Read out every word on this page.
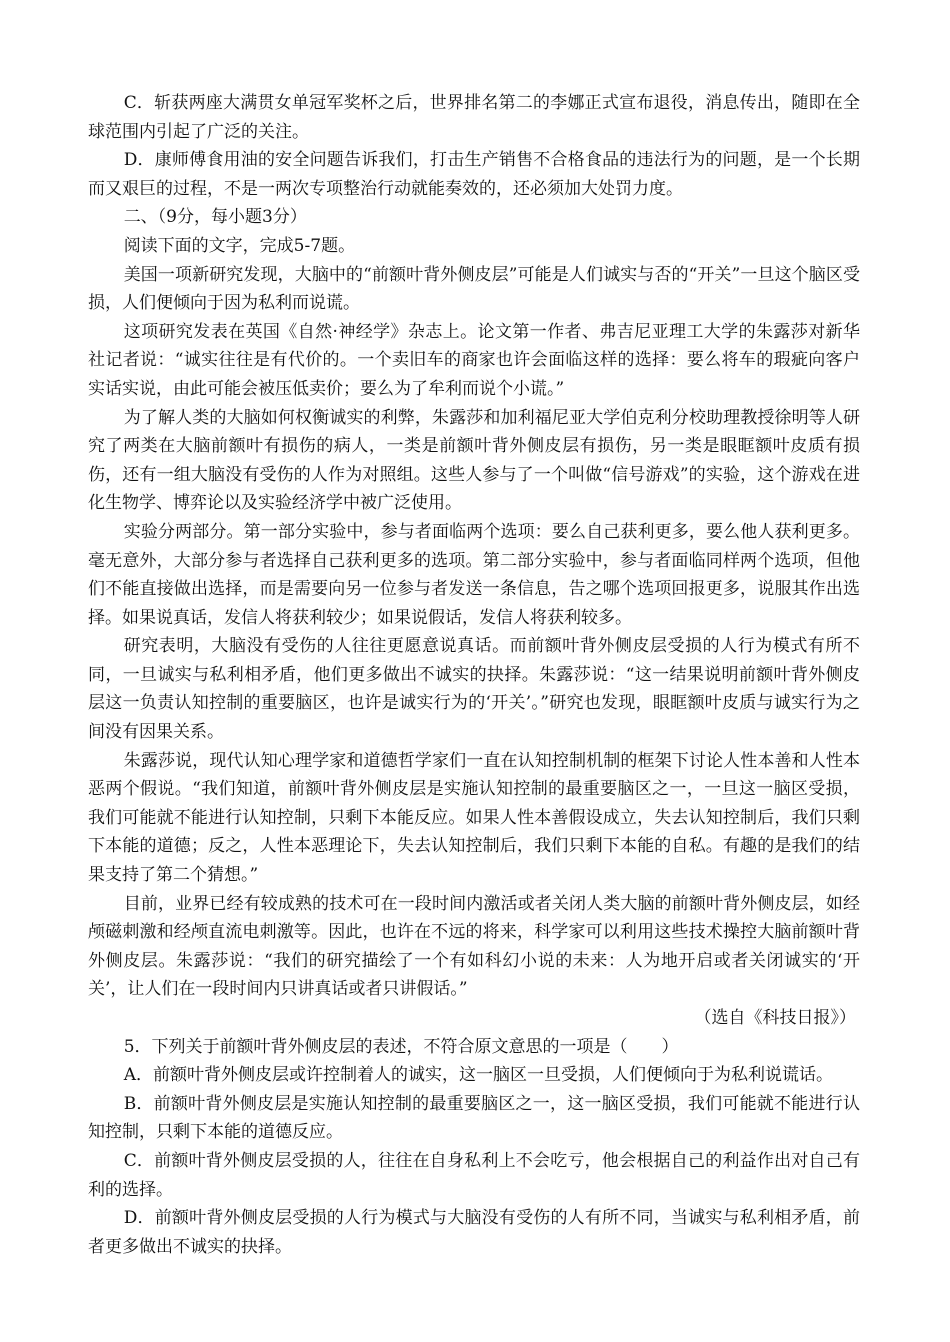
C．斩获两座大满贯女单冠军奖杯之后，世界排名第二的李娜正式宣布退役，消息传出，随即在全球范围内引起了广泛的关注。

D．康师傅食用油的安全问题告诉我们，打击生产销售不合格食品的违法行为的问题，是一个长期而又艰巨的过程，不是一两次专项整治行动就能奏效的，还必须加大处罚力度。

二、（9分，每小题3分）

阅读下面的文字，完成5-7题。

美国一项新研究发现，大脑中的“前额叶背外侧皮层”可能是人们诚实与否的“开关”一旦这个脑区受损，人们便倾向于因为私利而说谎。

这项研究发表在英国《自然·神经学》杂志上。论文第一作者、弗吉尼亚理工大学的朱露莎对新华社记者说：“诚实往往是有代价的。一个卖旧车的商家也许会面临这样的选择：要么将车的瑕疵向客户实话实说，由此可能会被压低卖价；要么为了牟利而说个小谎。”

为了解人类的大脑如何权衡诚实的利弊，朱露莎和加利福尼亚大学伯克利分校助理教授徐明等人研究了两类在大脑前额叶有损伤的病人，一类是前额叶背外侧皮层有损伤，另一类是眼眶额叶皮质有损伤，还有一组大脑没有受伤的人作为对照组。这些人参与了一个叫做“信号游戏”的实验，这个游戏在进化生物学、博弈论以及实验经济学中被广泛使用。

实验分两部分。第一部分实验中，参与者面临两个选项：要么自己获利更多，要么他人获利更多。毫无意外，大部分参与者选择自己获利更多的选项。第二部分实验中，参与者面临同样两个选项，但他们不能直接做出选择，而是需要向另一位参与者发送一条信息，告之哪个选项回报更多，说服其作出选择。如果说真话，发信人将获利较少；如果说假话，发信人将获利较多。

研究表明，大脑没有受伤的人往往更愿意说真话。而前额叶背外侧皮层受损的人行为模式有所不同，一旦诚实与私利相矛盾，他们更多做出不诚实的抉择。朱露莎说：“这一结果说明前额叶背外侧皮层这一负责认知控制的重要脑区，也许是诚实行为的‘开关’。”研究也发现，眼眶额叶皮质与诚实行为之间没有因果关系。

朱露莎说，现代认知心理学家和道德哲学家们一直在认知控制机制的框架下讨论人性本善和人性本恶两个假说。“我们知道，前额叶背外侧皮层是实施认知控制的最重要脑区之一，一旦这一脑区受损，我们可能就不能进行认知控制，只剩下本能反应。如果人性本善假设成立，失去认知控制后，我们只剩下本能的道德；反之，人性本恶理论下，失去认知控制后，我们只剩下本能的自私。有趣的是我们的结果支持了第二个猜想。”

目前，业界已经有较成熟的技术可在一段时间内激活或者关闭人类大脑的前额叶背外侧皮层，如经颅磁刺激和经颅直流电刺激等。因此，也许在不远的将来，科学家可以利用这些技术操控大脑前额叶背外侧皮层。朱露莎说：“我们的研究描绘了一个有如科幻小说的未来：人为地开启或者关闭诚实的‘开关’，让人们在一段时间内只讲真话或者只讲假话。”

（选自《科技日报》）

5．下列关于前额叶背外侧皮层的表述，不符合原文意思的一项是（　　）

A．前额叶背外侧皮层或许控制着人的诚实，这一脑区一旦受损，人们便倾向于为私利说谎话。

B．前额叶背外侧皮层是实施认知控制的最重要脑区之一，这一脑区受损，我们可能就不能进行认知控制，只剩下本能的道德反应。

C．前额叶背外侧皮层受损的人，往往在自身私利上不会吃亏，他会根据自己的利益作出对自己有利的选择。

D．前额叶背外侧皮层受损的人行为模式与大脑没有受伤的人有所不同，当诚实与私利相矛盾，前者更多做出不诚实的抉择。
